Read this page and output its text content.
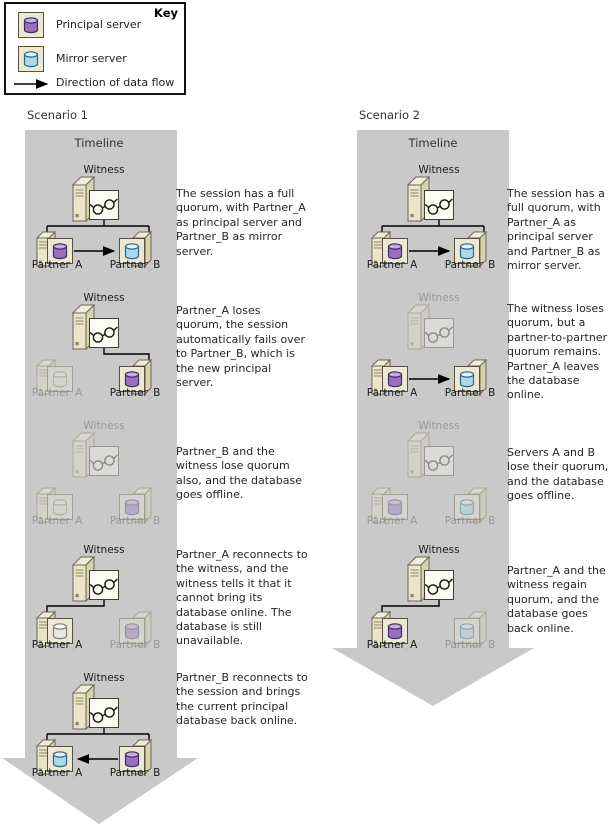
Key
Principal server
Mirror server
Direction of data flow
Scenario 1	Scenario 2
Timeline	Timeline
Witness
Partner_A	Partner_B
The session has a full quorum, with Partner_A as principal server and Partner_B as mirror server.
Witness
Partner_A	Partner_B
Partner_A loses quorum, the session automatically fails over to Partner_B, which is the new principal server.
Witness
Partner_A	Partner_B
Partner_B and the witness lose quorum also, and the database goes offline.
Witness
Partner_A	Partner_B
Partner_A reconnects to the witness, and the witness tells it that it cannot bring its database online. The database is still unavailable.
Witness
Partner_A	Partner_B
Partner_B reconnects to the session and brings the current principal database back online.
Witness
Partner_A	Partner_B
The session has a full quorum, with Partner_A as principal server and Partner_B as mirror server.
Witness
Partner_A	Partner_B
The witness loses quorum, but a partner-to-partner quorum remains. Partner_A leaves the database online.
Witness
Partner_A	Partner_B
Servers A and B lose their quorum, and the database goes offline.
Witness
Partner_A	Partner_B
Partner_A and the witness regain quorum, and the database goes back online.
